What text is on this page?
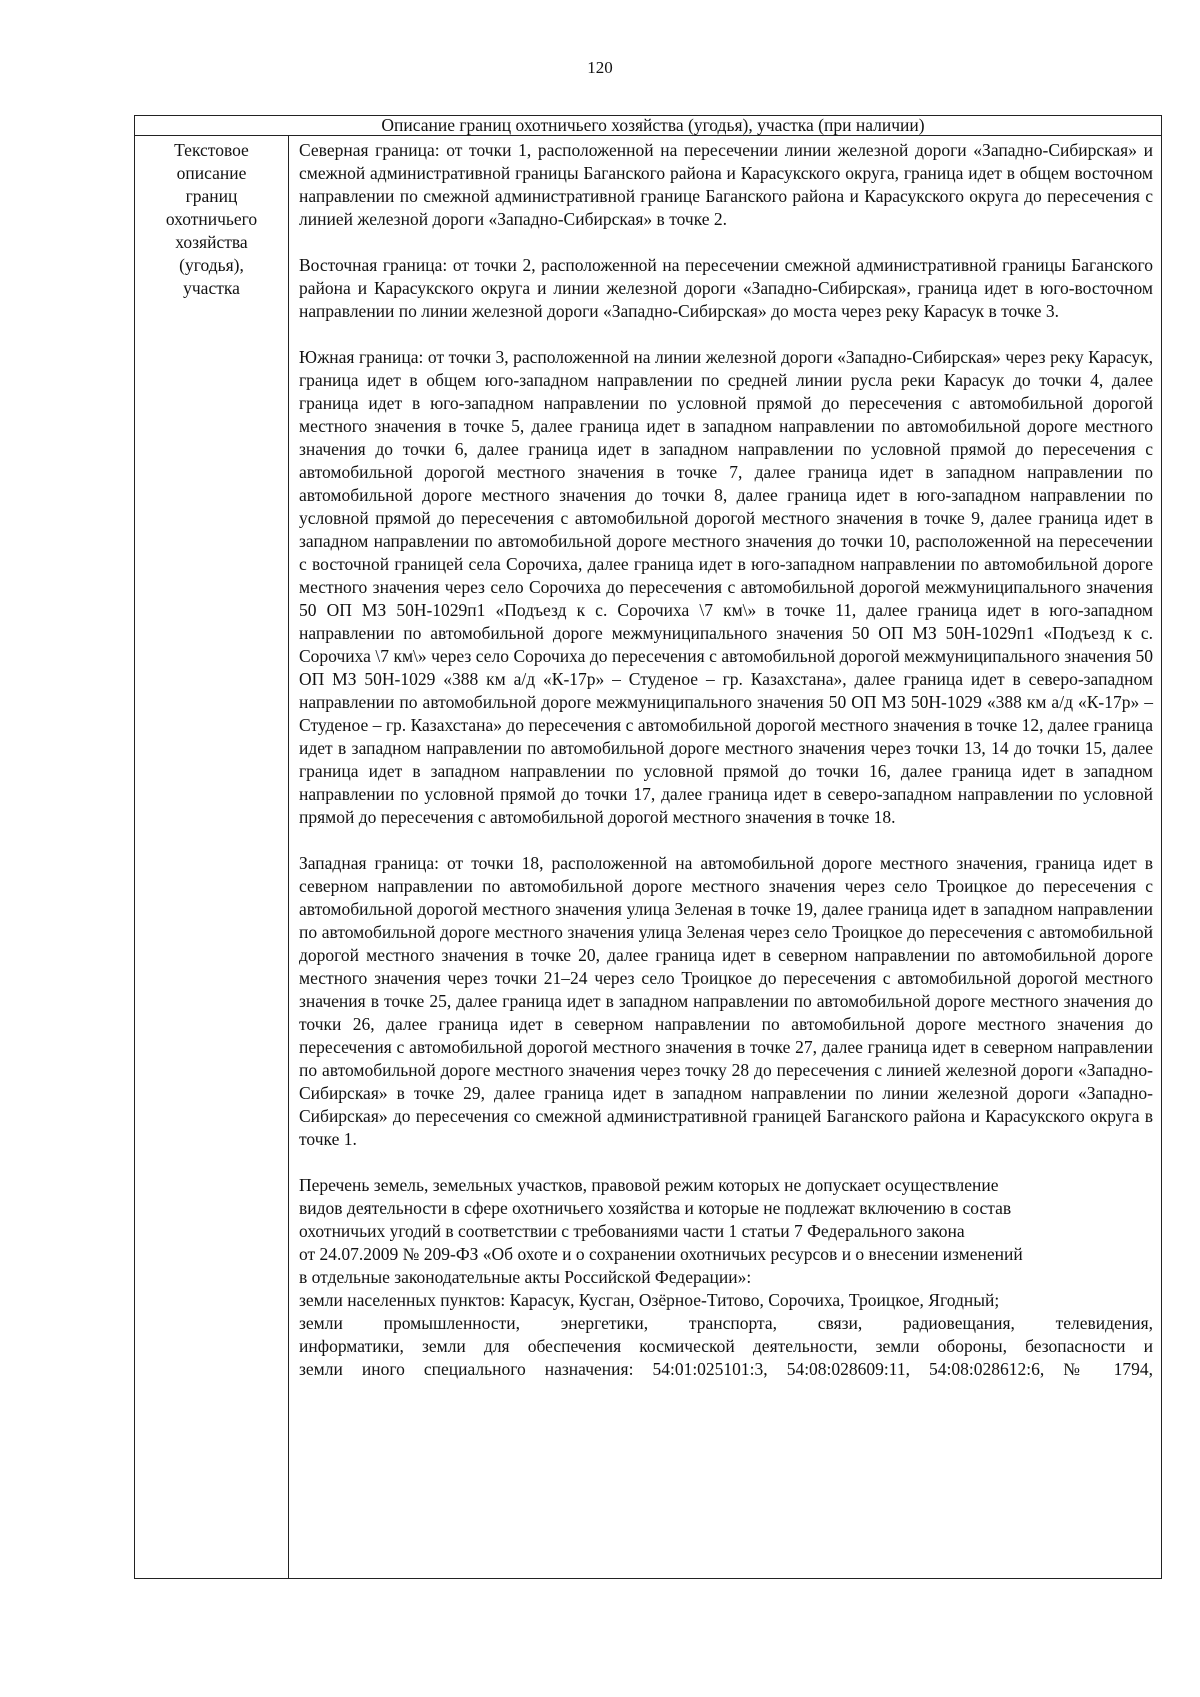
120
Описание границ охотничьего хозяйства (угодья), участка (при наличии)
Текстовое
описание
границ
охотничьего
хозяйства
(угодья),
участка

Северная граница: от точки 1, расположенной на пересечении линии железной дороги «Западно-Сибирская» и смежной административной границы Баганского района и Карасукского округа, граница идет в общем восточном направлении по смежной административной границе Баганского района и Карасукского округа до пересечения с линией железной дороги «Западно-Сибирская» в точке 2.

Восточная граница: от точки 2, расположенной на пересечении смежной административной границы Баганского района и Карасукского округа и линии железной дороги «Западно-Сибирская», граница идет в юго-восточном направлении по линии железной дороги «Западно-Сибирская» до моста через реку Карасук в точке 3.

Южная граница: от точки 3, расположенной на линии железной дороги «Западно-Сибирская» через реку Карасук, граница идет в общем юго-западном направлении по средней линии русла реки Карасук до точки 4, далее граница идет в юго-западном направлении по условной прямой до пересечения с автомобильной дорогой местного значения в точке 5, далее граница идет в западном направлении по автомобильной дороге местного значения до точки 6, далее граница идет в западном направлении по условной прямой до пересечения с автомобильной дорогой местного значения в точке 7, далее граница идет в западном направлении по автомобильной дороге местного значения до точки 8, далее граница идет в юго-западном направлении по условной прямой до пересечения с автомобильной дорогой местного значения в точке 9, далее граница идет в западном направлении по автомобильной дороге местного значения до точки 10, расположенной на пересечении с восточной границей села Сорочиха, далее граница идет в юго-западном направлении по автомобильной дороге местного значения через село Сорочиха до пересечения с автомобильной дорогой межмуниципального значения 50 ОП МЗ 50Н-1029п1 «Подъезд к с. Сорочиха \7 км\» в точке 11, далее граница идет в юго-западном направлении по автомобильной дороге межмуниципального значения 50 ОП МЗ 50Н-1029п1 «Подъезд к с. Сорочиха \7 км\» через село Сорочиха до пересечения с автомобильной дорогой межмуниципального значения 50 ОП МЗ 50Н-1029 «388 км а/д «К-17р» – Студеное – гр. Казахстана», далее граница идет в северо-западном направлении по автомобильной дороге межмуниципального значения 50 ОП МЗ 50Н-1029 «388 км а/д «К-17р» – Студеное – гр. Казахстана» до пересечения с автомобильной дорогой местного значения в точке 12, далее граница идет в западном направлении по автомобильной дороге местного значения через точки 13, 14 до точки 15, далее граница идет в западном направлении по условной прямой до точки 16, далее граница идет в западном направлении по условной прямой до точки 17, далее граница идет в северо-западном направлении по условной прямой до пересечения с автомобильной дорогой местного значения в точке 18.

Западная граница: от точки 18, расположенной на автомобильной дороге местного значения, граница идет в северном направлении по автомобильной дороге местного значения через село Троицкое до пересечения с автомобильной дорогой местного значения улица Зеленая в точке 19, далее граница идет в западном направлении по автомобильной дороге местного значения улица Зеленая через село Троицкое до пересечения с автомобильной дорогой местного значения в точке 20, далее граница идет в северном направлении по автомобильной дороге местного значения через точки 21–24 через село Троицкое до пересечения с автомобильной дорогой местного значения в точке 25, далее граница идет в западном направлении по автомобильной дороге местного значения до точки 26, далее граница идет в северном направлении по автомобильной дороге местного значения до пересечения с автомобильной дорогой местного значения в точке 27, далее граница идет в северном направлении по автомобильной дороге местного значения через точку 28 до пересечения с линией железной дороги «Западно-Сибирская» в точке 29, далее граница идет в западном направлении по линии железной дороги «Западно-Сибирская» до пересечения со смежной административной границей Баганского района и Карасукского округа в точке 1.

Перечень земель, земельных участков, правовой режим которых не допускает осуществление
видов деятельности в сфере охотничьего хозяйства и которые не подлежат включению в состав
охотничьих угодий в соответствии с требованиями части 1 статьи 7 Федерального закона
от 24.07.2009 № 209-ФЗ «Об охоте и о сохранении охотничьих ресурсов и о внесении изменений
в отдельные законодательные акты Российской Федерации»:
земли населенных пунктов: Карасук, Кусган, Озёрное-Титово, Сорочиха, Троицкое, Ягодный;
земли промышленности, энергетики, транспорта, связи, радиовещания, телевидения,
информатики, земли для обеспечения космической деятельности, земли обороны, безопасности и
земли иного специального назначения: 54:01:025101:3, 54:08:028609:11, 54:08:028612:6, № 1794,
